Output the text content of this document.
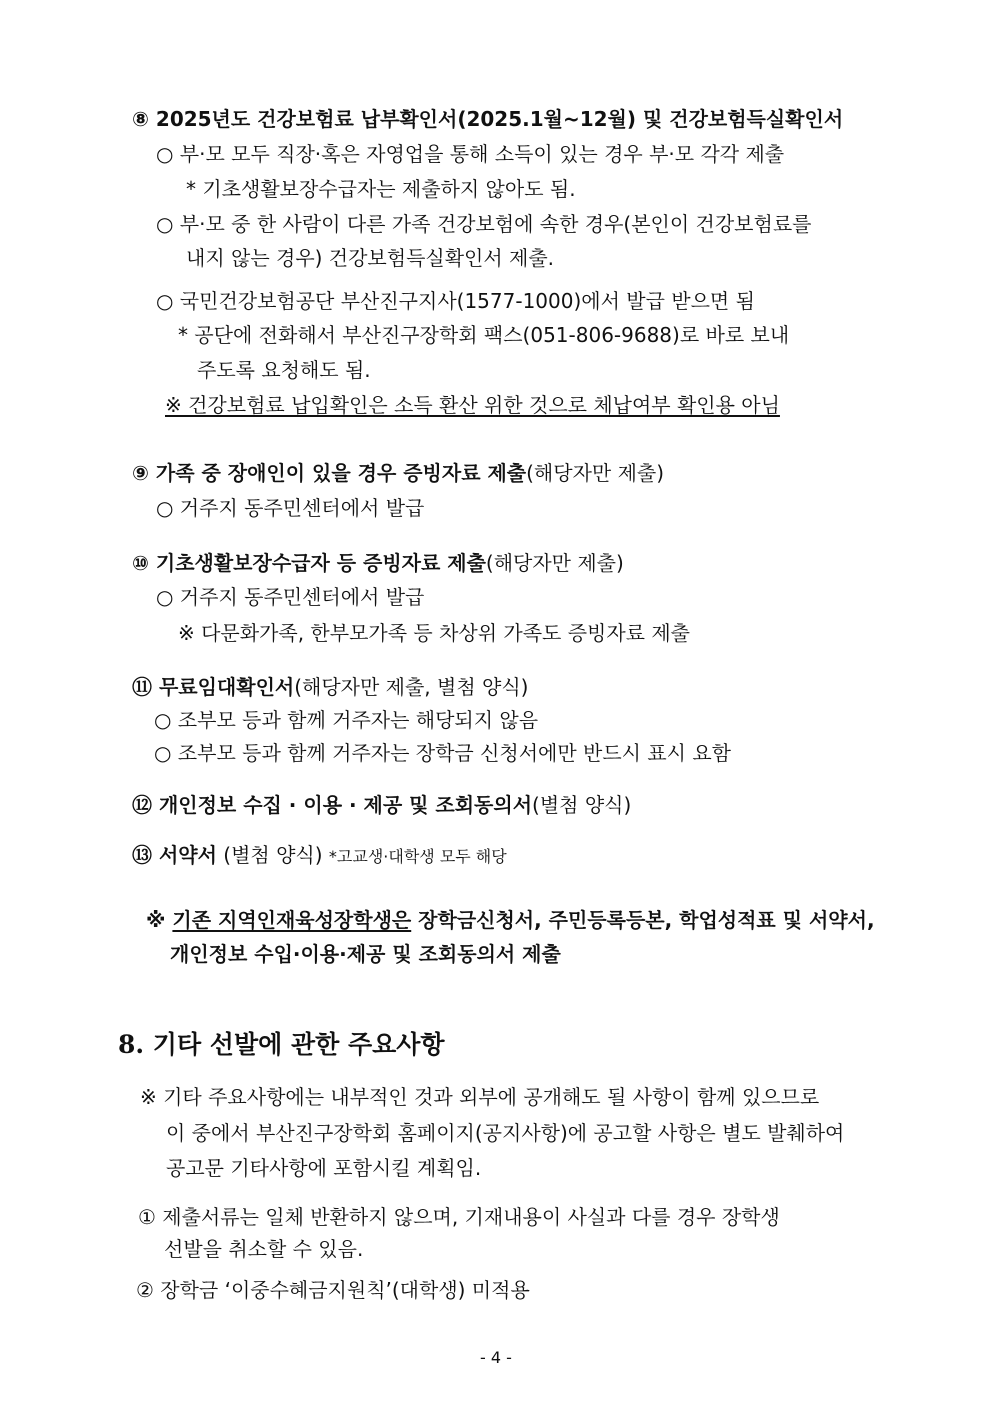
⑧ 2025년도 건강보험료 납부확인서(2025.1월~12월) 및 건강보험득실확인서
○ 부·모 모두 직장·혹은 자영업을 통해 소득이 있는 경우 부·모 각각 제출
* 기초생활보장수급자는 제출하지 않아도 됨.
○ 부·모 중 한 사람이 다른 가족 건강보험에 속한 경우(본인이 건강보험료를
내지 않는 경우) 건강보험득실확인서 제출.
○ 국민건강보험공단 부산진구지사(1577-1000)에서 발급 받으면 됨
* 공단에 전화해서 부산진구장학회 팩스(051-806-9688)로 바로 보내
주도록 요청해도 됨.
※ 건강보험료 납입확인은 소득 환산 위한 것으로 체납여부 확인용 아님
⑨ 가족 중 장애인이 있을 경우 증빙자료 제출(해당자만 제출)
○ 거주지 동주민센터에서 발급
⑩ 기초생활보장수급자 등 증빙자료 제출(해당자만 제출)
○ 거주지 동주민센터에서 발급
※ 다문화가족, 한부모가족 등 차상위 가족도 증빙자료 제출
⑪ 무료임대확인서(해당자만 제출, 별첨 양식)
○ 조부모 등과 함께 거주자는 해당되지 않음
○ 조부모 등과 함께 거주자는 장학금 신청서에만 반드시 표시 요함
⑫ 개인정보 수집 · 이용 · 제공 및 조회동의서(별첨 양식)
⑬ 서약서 (별첨 양식) *고교생·대학생 모두 해당
※ 기존 지역인재육성장학생은 장학금신청서, 주민등록등본, 학업성적표 및 서약서,
개인정보 수입·이용·제공 및 조회동의서 제출
8. 기타 선발에 관한 주요사항
※ 기타 주요사항에는 내부적인 것과 외부에 공개해도 될 사항이 함께 있으므로
이 중에서 부산진구장학회 홈페이지(공지사항)에 공고할 사항은 별도 발췌하여
공고문 기타사항에 포함시킬 계획임.
① 제출서류는 일체 반환하지 않으며, 기재내용이 사실과 다를 경우 장학생
선발을 취소할 수 있음.
② 장학금 ‘이중수혜금지원칙’(대학생) 미적용
- 4 -
